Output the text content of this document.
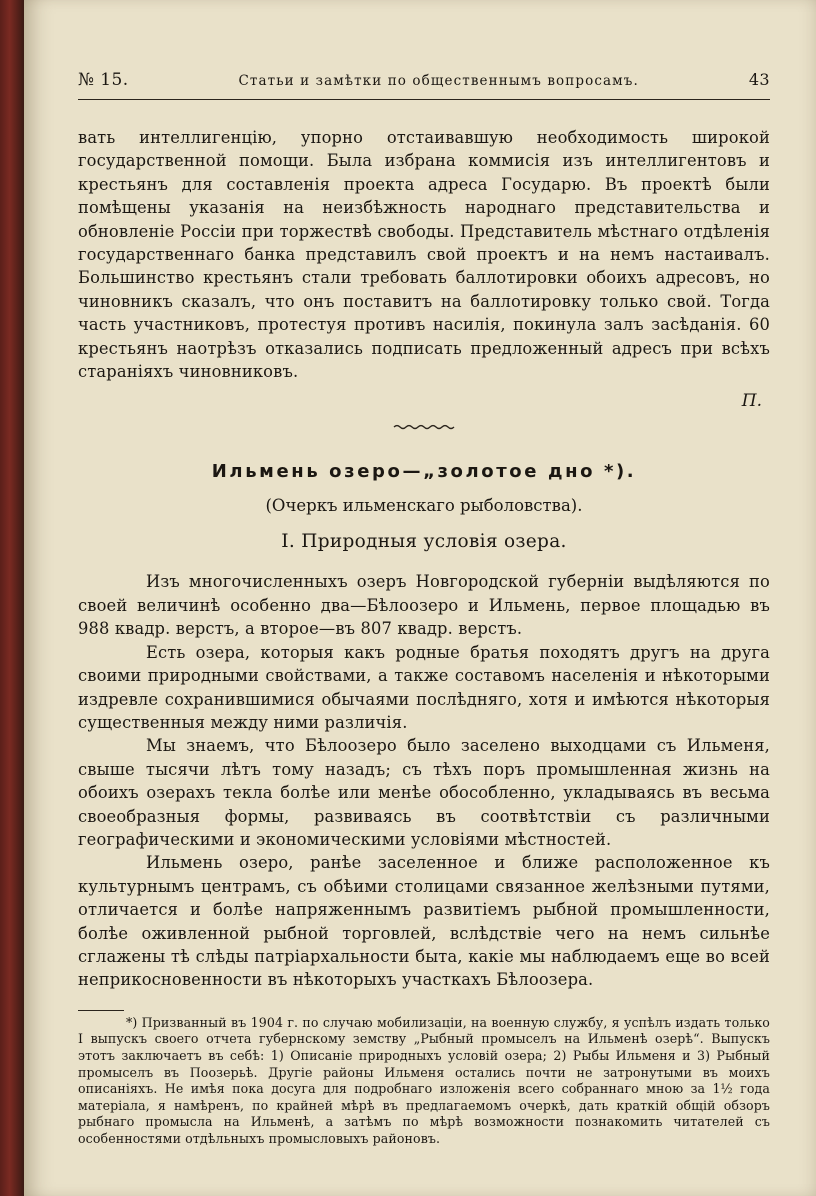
№ 15.	Статьи и замѣтки по общественнымъ вопросамъ.	43

вать интеллигенцію, упорно отстаивавшую необходимость широкой государственной помощи. Была избрана коммисія изъ интеллигентовъ и крестьянъ для составленія проекта адреса Государю. Въ проектѣ были помѣщены указанія на неизбѣжность народнаго представительства и обновленіе Россіи при торжествѣ свободы. Представитель мѣстнаго отдѣленія государственнаго банка представилъ свой проектъ и на немъ настаивалъ. Большинство крестьянъ стали требовать баллотировки обоихъ адресовъ, но чиновникъ сказалъ, что онъ поставитъ на баллотировку только свой. Тогда часть участниковъ, протестуя противъ насилія, покинула залъ засѣданія. 60 крестьянъ наотрѣзъ отказались подписать предложенный адресъ при всѣхъ стараніяхъ чиновниковъ.

П.
Ильмень озеро—„золотое дно *).
(Очеркъ ильменскаго рыболовства).
I. Природныя условія озера.

Изъ многочисленныхъ озеръ Новгородской губерніи выдѣляются по своей величинѣ особенно два—Бѣлоозеро и Ильмень, первое площадью въ 988 квадр. верстъ, а второе—въ 807 квадр. верстъ.

Есть озера, которыя какъ родные братья походятъ другъ на друга своими природными свойствами, а также составомъ населенія и нѣкоторыми издревле сохранившимися обычаями послѣдняго, хотя и имѣются нѣкоторыя существенныя между ними различія.

Мы знаемъ, что Бѣлоозеро было заселено выходцами съ Ильменя, свыше тысячи лѣтъ тому назадъ; съ тѣхъ поръ промышленная жизнь на обоихъ озерахъ текла болѣе или менѣе обособленно, укладываясь въ весьма своеобразныя формы, развиваясь въ соотвѣтствіи съ различными географическими и экономическими условіями мѣстностей.

Ильмень озеро, ранѣе заселенное и ближе расположенное къ культурнымъ центрамъ, съ обѣими столицами связанное желѣзными путями, отличается и болѣе напряженнымъ развитіемъ рыбной промышленности, болѣе оживленной рыбной торговлей, вслѣдствіе чего на немъ сильнѣе сглажены тѣ слѣды патріархальности быта, какіе мы наблюдаемъ еще во всей неприкосновенности въ нѣкоторыхъ участкахъ Бѣлоозера.

*) Призванный въ 1904 г. по случаю мобилизаціи, на военную службу, я успѣлъ издать только I выпускъ своего отчета губернскому земству „Рыбный промыселъ на Ильменѣ озерѣ“. Выпускъ этотъ заключаетъ въ себѣ: 1) Описаніе природныхъ условій озера; 2) Рыбы Ильменя и 3) Рыбный промыселъ въ Поозерьѣ. Другіе районы Ильменя остались почти не затронутыми въ моихъ описаніяхъ. Не имѣя пока досуга для подробнаго изложенія всего собраннаго мною за 1½ года матеріала, я намѣренъ, по крайней мѣрѣ въ предлагаемомъ очеркѣ, дать краткій общій обзоръ рыбнаго промысла на Ильменѣ, а затѣмъ по мѣрѣ возможности познакомить читателей съ особенностями отдѣльныхъ промысловыхъ районовъ.
